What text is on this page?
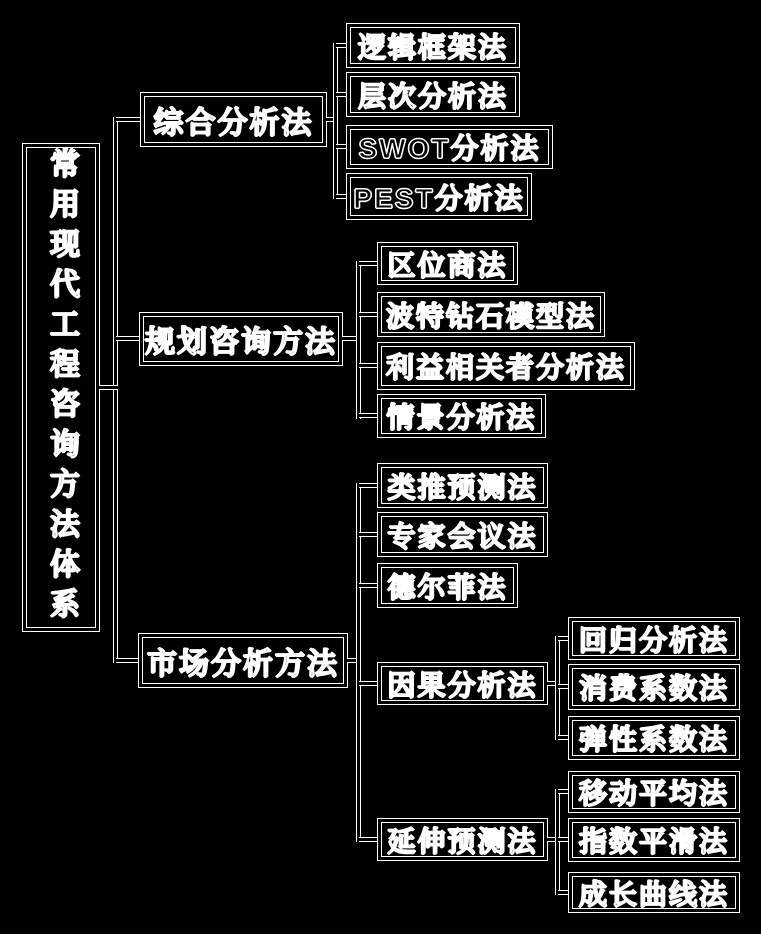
常用现代工程咨询方法体系
综合分析法
逻辑框架法
层次分析法
SWOT分析法
PEST分析法
规划咨询方法
区位商法
波特钻石模型法
利益相关者分析法
情景分析法
市场分析方法
类推预测法
专家会议法
德尔菲法
因果分析法
延伸预测法
回归分析法
消费系数法
弹性系数法
移动平均法
指数平滑法
成长曲线法
